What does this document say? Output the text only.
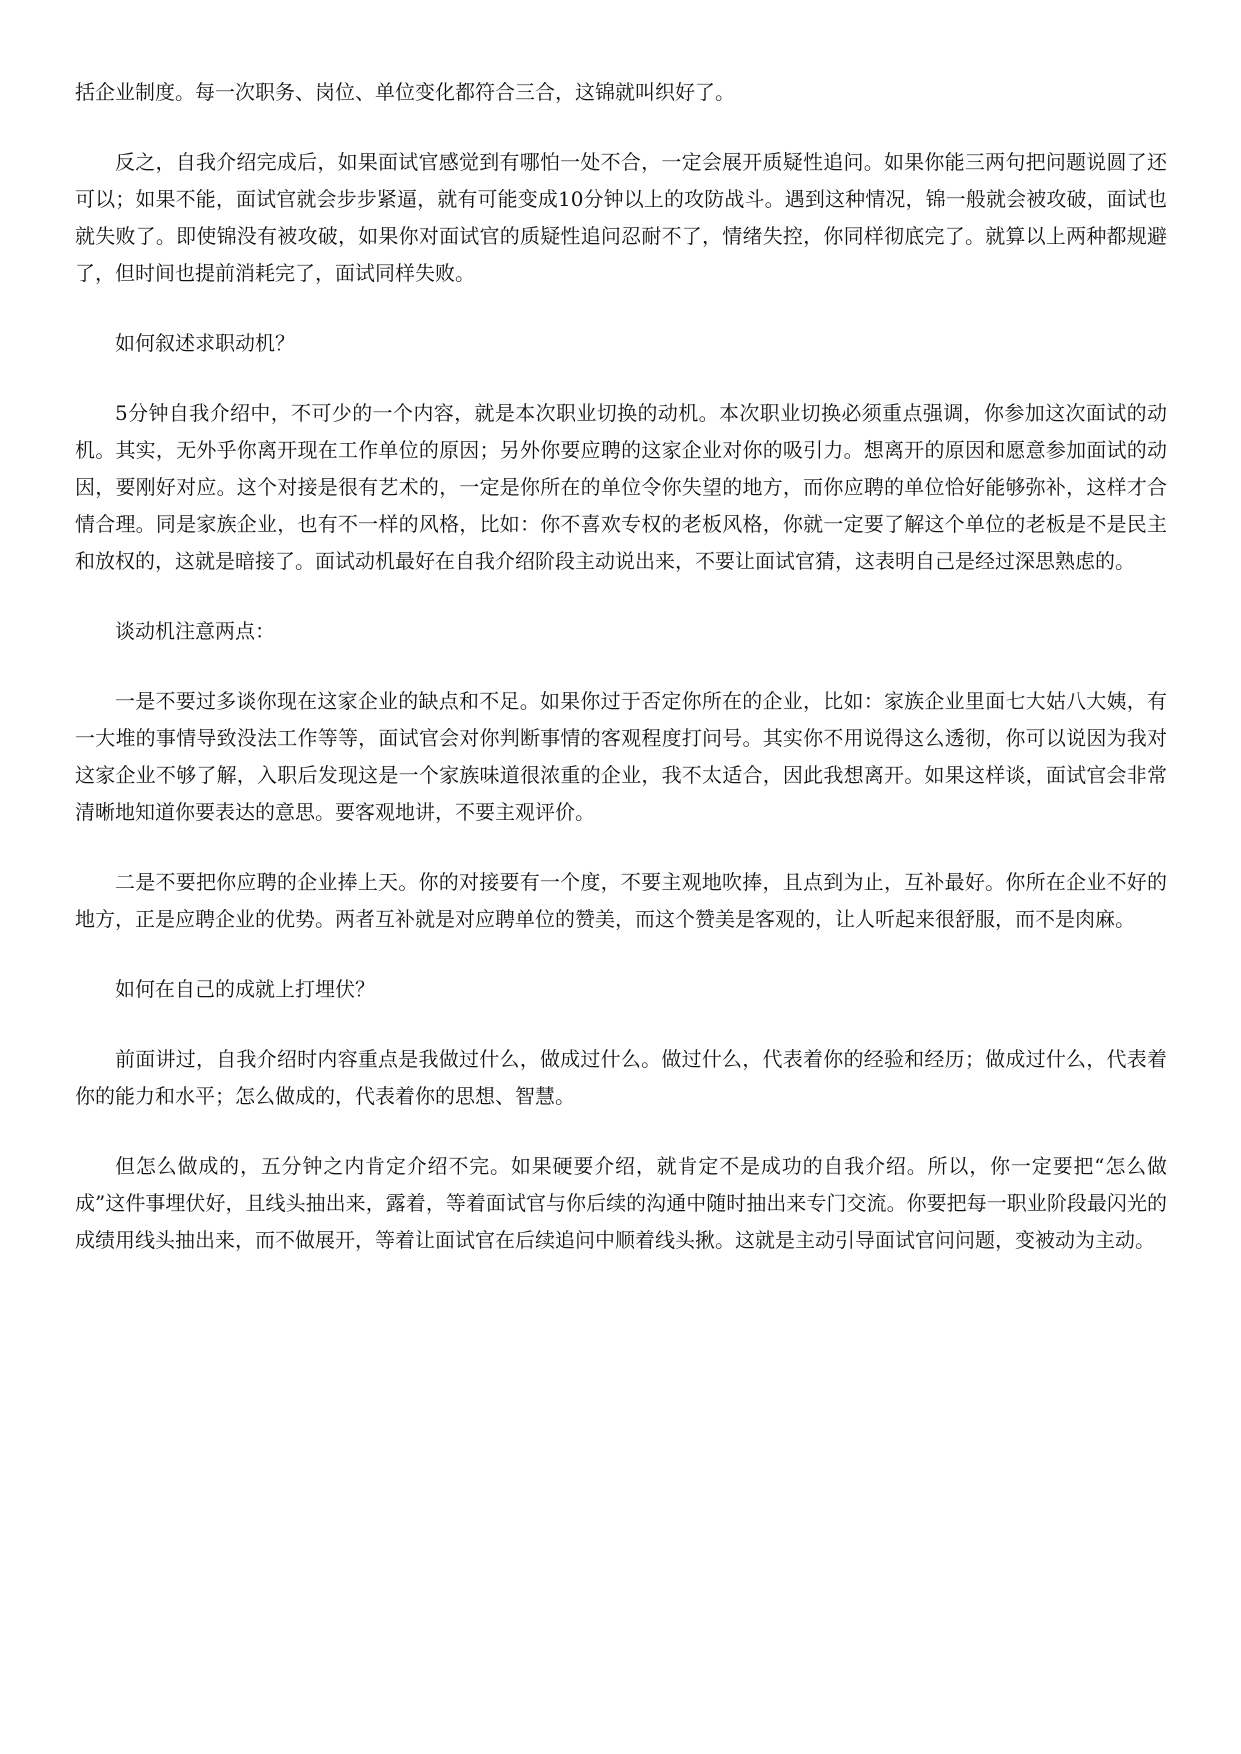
括企业制度。每一次职务、岗位、单位变化都符合三合，这锦就叫织好了。

反之，自我介绍完成后，如果面试官感觉到有哪怕一处不合，一定会展开质疑性追问。如果你能三两句把问题说圆了还可以；如果不能，面试官就会步步紧逼，就有可能变成10分钟以上的攻防战斗。遇到这种情况，锦一般就会被攻破，面试也就失败了。即使锦没有被攻破，如果你对面试官的质疑性追问忍耐不了，情绪失控，你同样彻底完了。就算以上两种都规避了，但时间也提前消耗完了，面试同样失败。

如何叙述求职动机？

5分钟自我介绍中，不可少的一个内容，就是本次职业切换的动机。本次职业切换必须重点强调，你参加这次面试的动机。其实，无外乎你离开现在工作单位的原因；另外你要应聘的这家企业对你的吸引力。想离开的原因和愿意参加面试的动因，要刚好对应。这个对接是很有艺术的，一定是你所在的单位令你失望的地方，而你应聘的单位恰好能够弥补，这样才合情合理。同是家族企业，也有不一样的风格，比如：你不喜欢专权的老板风格，你就一定要了解这个单位的老板是不是民主和放权的，这就是暗接了。面试动机最好在自我介绍阶段主动说出来，不要让面试官猜，这表明自己是经过深思熟虑的。

谈动机注意两点：

一是不要过多谈你现在这家企业的缺点和不足。如果你过于否定你所在的企业，比如：家族企业里面七大姑八大姨，有一大堆的事情导致没法工作等等，面试官会对你判断事情的客观程度打问号。其实你不用说得这么透彻，你可以说因为我对这家企业不够了解，入职后发现这是一个家族味道很浓重的企业，我不太适合，因此我想离开。如果这样谈，面试官会非常清晰地知道你要表达的意思。要客观地讲，不要主观评价。

二是不要把你应聘的企业捧上天。你的对接要有一个度，不要主观地吹捧，且点到为止，互补最好。你所在企业不好的地方，正是应聘企业的优势。两者互补就是对应聘单位的赞美，而这个赞美是客观的，让人听起来很舒服，而不是肉麻。

如何在自己的成就上打埋伏？

前面讲过，自我介绍时内容重点是我做过什么，做成过什么。做过什么，代表着你的经验和经历；做成过什么，代表着你的能力和水平；怎么做成的，代表着你的思想、智慧。

但怎么做成的，五分钟之内肯定介绍不完。如果硬要介绍，就肯定不是成功的自我介绍。所以，你一定要把“怎么做成”这件事埋伏好，且线头抽出来，露着，等着面试官与你后续的沟通中随时抽出来专门交流。你要把每一职业阶段最闪光的成绩用线头抽出来，而不做展开，等着让面试官在后续追问中顺着线头揪。这就是主动引导面试官问问题，变被动为主动。
